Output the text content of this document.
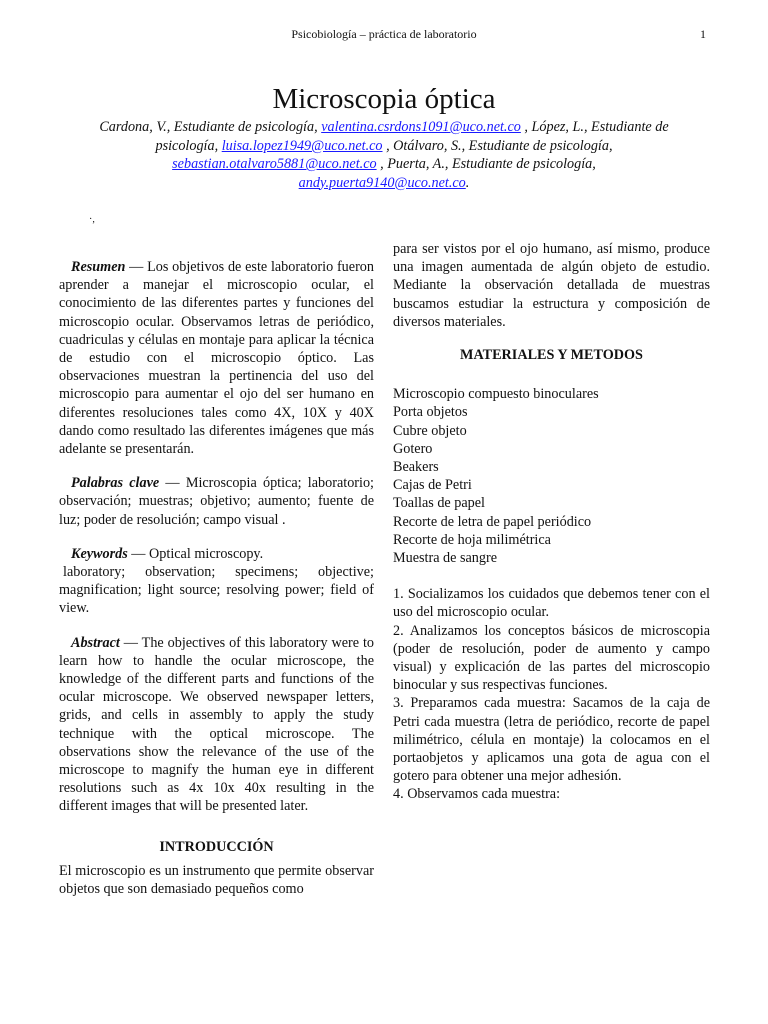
Psicobiología – práctica de laboratorio	1
Microscopia óptica
Cardona, V., Estudiante de psicología, valentina.csrdons1091@uco.net.co , López, L., Estudiante de psicología, luisa.lopez1949@uco.net.co , Otálvaro, S., Estudiante de psicología,
sebastian.otalvaro5881@uco.net.co , Puerta, A., Estudiante de psicología,
andy.puerta9140@uco.net.co.
·,

Resumen — Los objetivos de este laboratorio fueron aprender a manejar el microscopio ocular, el conocimiento de las diferentes partes y funciones del microscopio ocular. Observamos letras de periódico, cuadriculas y células en montaje para aplicar la técnica de estudio con el microscopio óptico. Las observaciones muestran la pertinencia del uso del microscopio para aumentar el ojo del ser humano en diferentes resoluciones tales como 4X, 10X y 40X dando como resultado las diferentes imágenes que más adelante se presentarán.

Palabras clave — Microscopia óptica; laboratorio; observación; muestras; objetivo; aumento; fuente de luz; poder de resolución; campo visual .

Keywords — Optical microscopy.

laboratory; observation; specimens; objective; magnification; light source; resolving power; field of view.

Abstract — The objectives of this laboratory were to learn how to handle the ocular microscope, the knowledge of the different parts and functions of the ocular microscope. We observed newspaper letters, grids, and cells in assembly to apply the study technique with the optical microscope. The observations show the relevance of the use of the microscope to magnify the human eye in different resolutions such as 4x 10x 40x resulting in the different images that will be presented later.

INTRODUCCIÓN

El microscopio es un instrumento que permite observar objetos que son demasiado pequeños como

para ser vistos por el ojo humano, así mismo, produce una imagen aumentada de algún objeto de estudio. Mediante la observación detallada de muestras buscamos estudiar la estructura y composición de diversos materiales.

MATERIALES Y METODOS

Microscopio compuesto binoculares
Porta objetos
Cubre objeto
Gotero
Beakers
Cajas de Petri
Toallas de papel
Recorte de letra de papel periódico
Recorte de hoja milimétrica
Muestra de sangre

1. Socializamos los cuidados que debemos tener con el uso del microscopio ocular.

2. Analizamos los conceptos básicos de microscopia (poder de resolución, poder de aumento y campo visual) y explicación de las partes del microscopio binocular y sus respectivas funciones.

3. Preparamos cada muestra: Sacamos de la caja de Petri cada muestra (letra de periódico, recorte de papel milimétrico, célula en montaje) la colocamos en el portaobjetos y aplicamos una gota de agua con el gotero para obtener una mejor adhesión.

4. Observamos cada muestra:
